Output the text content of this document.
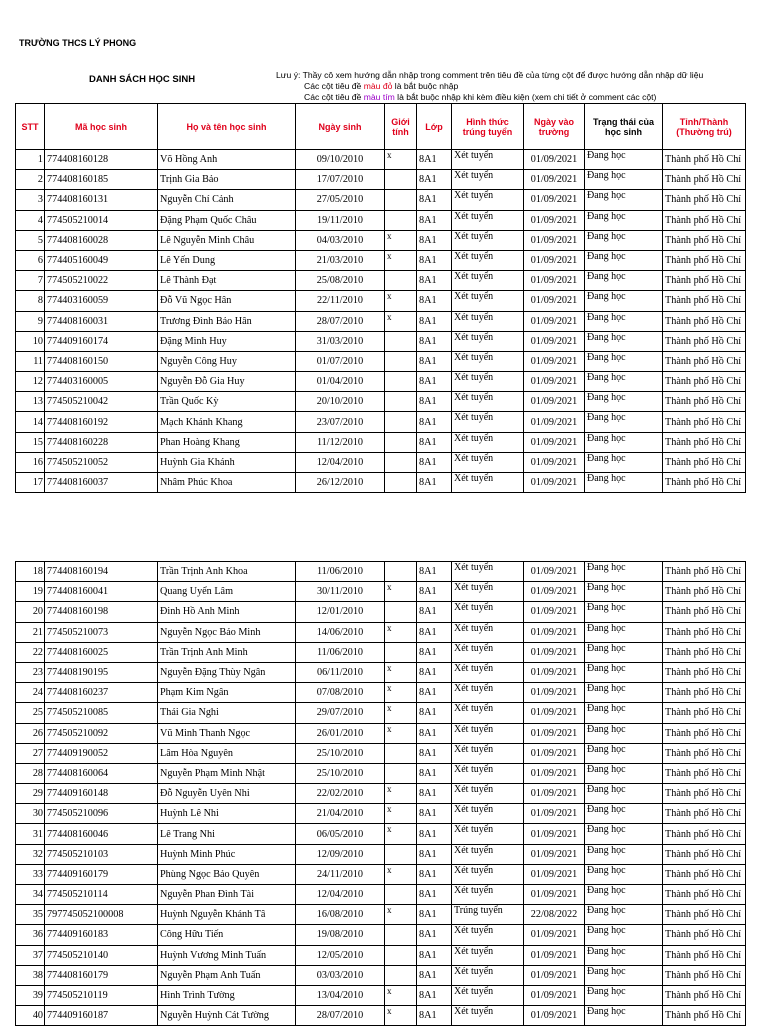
TRƯỜNG THCS LÝ PHONG
DANH SÁCH HỌC SINH	Lưu ý: Thầy cô xem hướng dẫn nhập trong comment trên tiêu đề của từng cột để được hướng dẫn nhập dữ liệu
Các cột tiêu đề màu đỏ là bắt buộc nhập
Các cột tiêu đề màu tím là bắt buộc nhập khi kèm điều kiện (xem chi tiết ở comment các cột)
STT	Mã học sinh	Họ và tên học sinh	Ngày sinh	Giới tính	Lớp	Hình thức trúng tuyển	Ngày vào trường	Trạng thái của học sinh	Tỉnh/Thành (Thường trú)
1	774408160128	Võ Hồng Anh	09/10/2010	x	8A1	Xét tuyển	01/09/2021	Đang học	Thành phố Hồ Chí
2	774408160185	Trịnh Gia Bảo	17/07/2010		8A1	Xét tuyển	01/09/2021	Đang học	Thành phố Hồ Chí
3	774408160131	Nguyễn Chí Cảnh	27/05/2010		8A1	Xét tuyển	01/09/2021	Đang học	Thành phố Hồ Chí
4	774505210014	Đặng Phạm Quốc Châu	19/11/2010		8A1	Xét tuyển	01/09/2021	Đang học	Thành phố Hồ Chí
5	774408160028	Lê Nguyễn Minh Châu	04/03/2010	x	8A1	Xét tuyển	01/09/2021	Đang học	Thành phố Hồ Chí
6	774405160049	Lê Yến Dung	21/03/2010	x	8A1	Xét tuyển	01/09/2021	Đang học	Thành phố Hồ Chí
7	774505210022	Lê Thành Đạt	25/08/2010		8A1	Xét tuyển	01/09/2021	Đang học	Thành phố Hồ Chí
8	774403160059	Đỗ Vũ Ngọc Hân	22/11/2010	x	8A1	Xét tuyển	01/09/2021	Đang học	Thành phố Hồ Chí
9	774408160031	Trương Đình Bảo Hân	28/07/2010	x	8A1	Xét tuyển	01/09/2021	Đang học	Thành phố Hồ Chí
10	774409160174	Đặng Minh Huy	31/03/2010		8A1	Xét tuyển	01/09/2021	Đang học	Thành phố Hồ Chí
11	774408160150	Nguyễn Công Huy	01/07/2010		8A1	Xét tuyển	01/09/2021	Đang học	Thành phố Hồ Chí
12	774403160005	Nguyễn Đỗ Gia Huy	01/04/2010		8A1	Xét tuyển	01/09/2021	Đang học	Thành phố Hồ Chí
13	774505210042	Trần Quốc Kỳ	20/10/2010		8A1	Xét tuyển	01/09/2021	Đang học	Thành phố Hồ Chí
14	774408160192	Mạch Khánh Khang	23/07/2010		8A1	Xét tuyển	01/09/2021	Đang học	Thành phố Hồ Chí
15	774408160228	Phan Hoàng Khang	11/12/2010		8A1	Xét tuyển	01/09/2021	Đang học	Thành phố Hồ Chí
16	774505210052	Huỳnh Gia Khánh	12/04/2010		8A1	Xét tuyển	01/09/2021	Đang học	Thành phố Hồ Chí
17	774408160037	Nhâm Phúc Khoa	26/12/2010		8A1	Xét tuyển	01/09/2021	Đang học	Thành phố Hồ Chí
18	774408160194	Trần Trịnh Anh Khoa	11/06/2010		8A1	Xét tuyển	01/09/2021	Đang học	Thành phố Hồ Chí
19	774408160041	Quang Uyển Lâm	30/11/2010	x	8A1	Xét tuyển	01/09/2021	Đang học	Thành phố Hồ Chí
20	774408160198	Đinh Hồ Anh Minh	12/01/2010		8A1	Xét tuyển	01/09/2021	Đang học	Thành phố Hồ Chí
21	774505210073	Nguyễn Ngọc Bảo Minh	14/06/2010	x	8A1	Xét tuyển	01/09/2021	Đang học	Thành phố Hồ Chí
22	774408160025	Trần Trịnh Anh Minh	11/06/2010		8A1	Xét tuyển	01/09/2021	Đang học	Thành phố Hồ Chí
23	774408190195	Nguyễn Đặng Thùy Ngân	06/11/2010	x	8A1	Xét tuyển	01/09/2021	Đang học	Thành phố Hồ Chí
24	774408160237	Phạm Kim Ngân	07/08/2010	x	8A1	Xét tuyển	01/09/2021	Đang học	Thành phố Hồ Chí
25	774505210085	Thái Gia Nghi	29/07/2010	x	8A1	Xét tuyển	01/09/2021	Đang học	Thành phố Hồ Chí
26	774505210092	Vũ Minh Thanh Ngọc	26/01/2010	x	8A1	Xét tuyển	01/09/2021	Đang học	Thành phố Hồ Chí
27	774409190052	Lâm Hòa Nguyên	25/10/2010		8A1	Xét tuyển	01/09/2021	Đang học	Thành phố Hồ Chí
28	774408160064	Nguyễn Phạm Minh Nhật	25/10/2010		8A1	Xét tuyển	01/09/2021	Đang học	Thành phố Hồ Chí
29	774409160148	Đỗ Nguyễn Uyên Nhi	22/02/2010	x	8A1	Xét tuyển	01/09/2021	Đang học	Thành phố Hồ Chí
30	774505210096	Huỳnh Lê Nhi	21/04/2010	x	8A1	Xét tuyển	01/09/2021	Đang học	Thành phố Hồ Chí
31	774408160046	Lê Trang Nhi	06/05/2010	x	8A1	Xét tuyển	01/09/2021	Đang học	Thành phố Hồ Chí
32	774505210103	Huỳnh Minh Phúc	12/09/2010		8A1	Xét tuyển	01/09/2021	Đang học	Thành phố Hồ Chí
33	774409160179	Phùng Ngọc Bảo Quyên	24/11/2010	x	8A1	Xét tuyển	01/09/2021	Đang học	Thành phố Hồ Chí
34	774505210114	Nguyễn Phan Đình Tài	12/04/2010		8A1	Xét tuyển	01/09/2021	Đang học	Thành phố Hồ Chí
35	797745052100008	Huỳnh Nguyễn Khánh Tâ	16/08/2010	x	8A1	Trúng tuyển	22/08/2022	Đang học	Thành phố Hồ Chí
36	774409160183	Công Hữu Tiến	19/08/2010		8A1	Xét tuyển	01/09/2021	Đang học	Thành phố Hồ Chí
37	774505210140	Huỳnh Vương Minh Tuấn	12/05/2010		8A1	Xét tuyển	01/09/2021	Đang học	Thành phố Hồ Chí
38	774408160179	Nguyễn Phạm Anh Tuấn	03/03/2010		8A1	Xét tuyển	01/09/2021	Đang học	Thành phố Hồ Chí
39	774505210119	Hình Trình Tường	13/04/2010	x	8A1	Xét tuyển	01/09/2021	Đang học	Thành phố Hồ Chí
40	774409160187	Nguyễn Huỳnh Cát Tường	28/07/2010	x	8A1	Xét tuyển	01/09/2021	Đang học	Thành phố Hồ Chí
